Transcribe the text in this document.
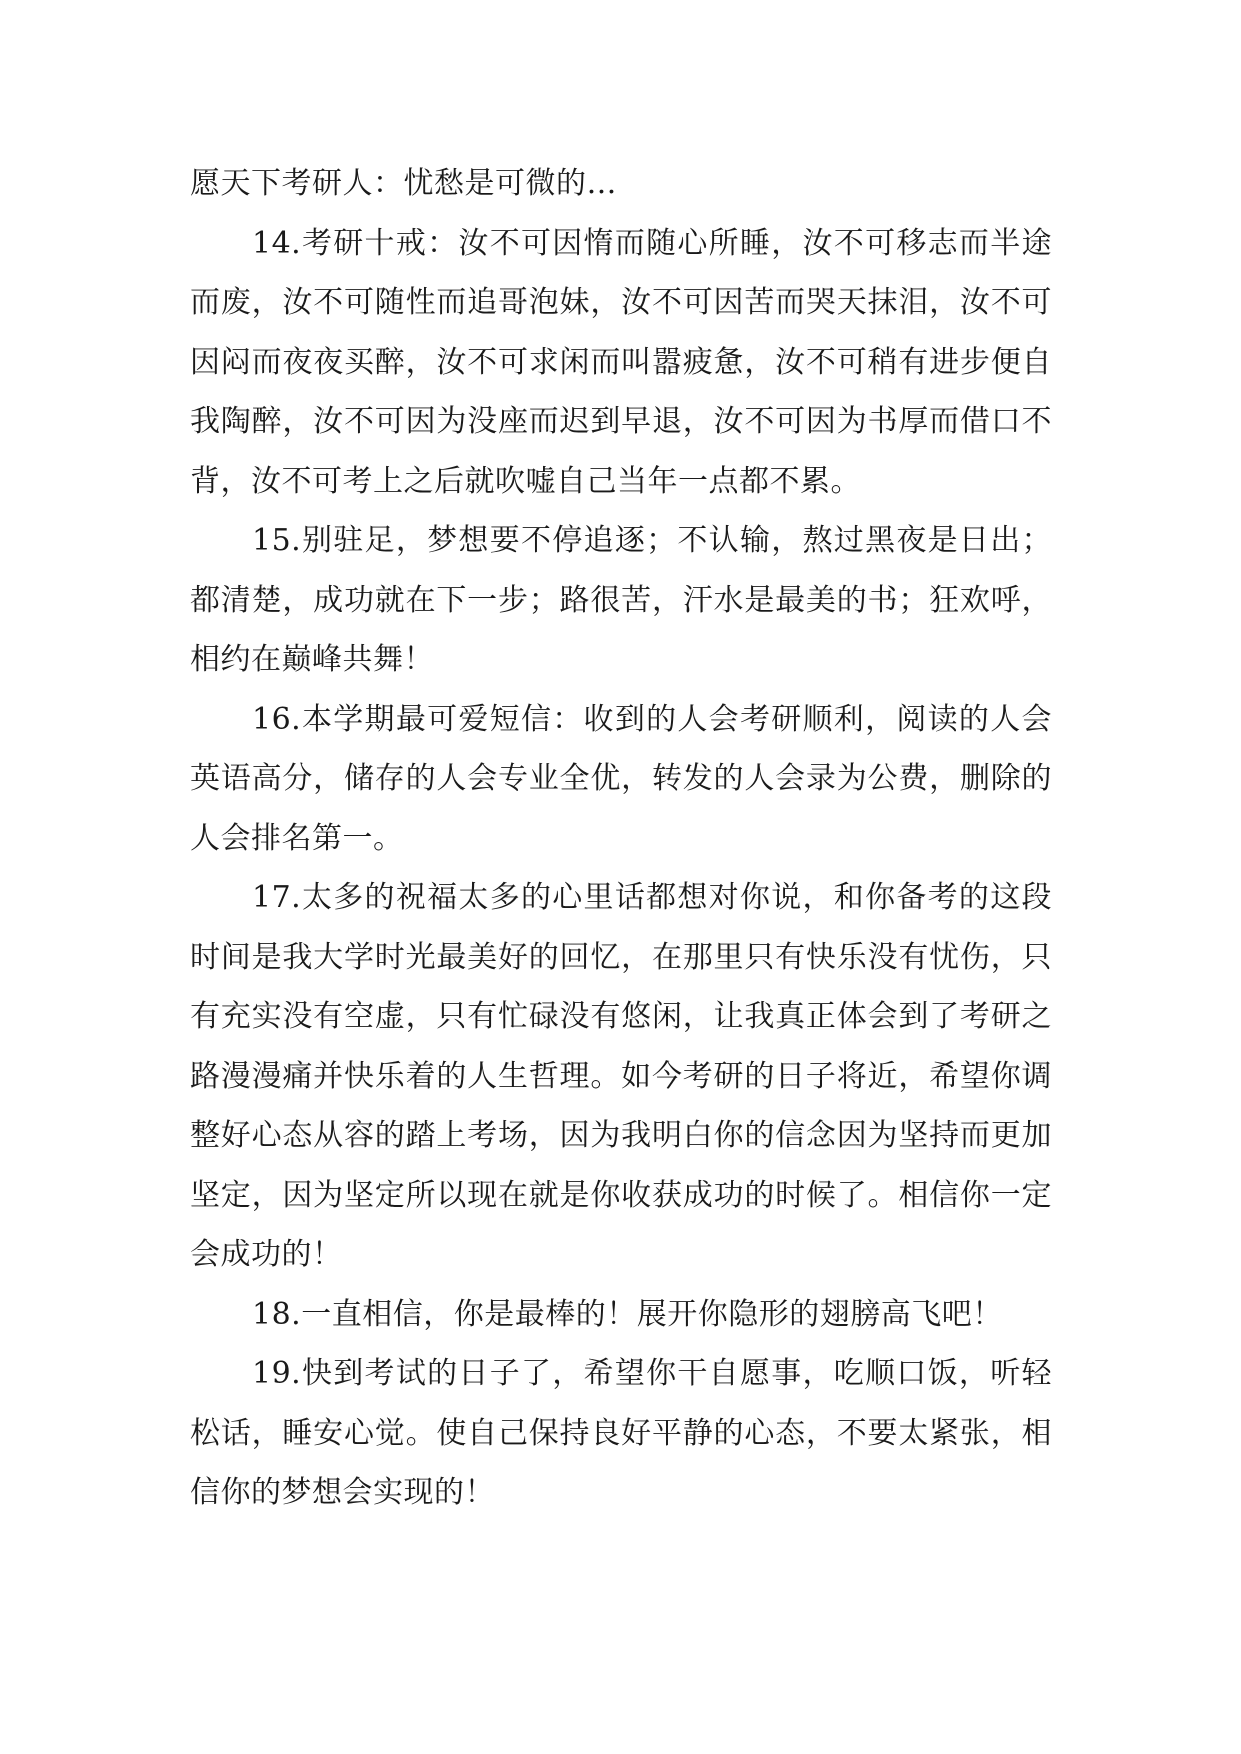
愿天下考研人：忧愁是可微的…

14.考研十戒：汝不可因惰而随心所睡，汝不可移志而半途而废，汝不可随性而追哥泡妹，汝不可因苦而哭天抹泪，汝不可因闷而夜夜买醉，汝不可求闲而叫嚣疲惫，汝不可稍有进步便自我陶醉，汝不可因为没座而迟到早退，汝不可因为书厚而借口不背，汝不可考上之后就吹嘘自己当年一点都不累。

15.别驻足，梦想要不停追逐；不认输，熬过黑夜是日出；都清楚，成功就在下一步；路很苦，汗水是最美的书；狂欢呼，相约在巅峰共舞！

16.本学期最可爱短信：收到的人会考研顺利，阅读的人会英语高分，储存的人会专业全优，转发的人会录为公费，删除的人会排名第一。

17.太多的祝福太多的心里话都想对你说，和你备考的这段时间是我大学时光最美好的回忆，在那里只有快乐没有忧伤，只有充实没有空虚，只有忙碌没有悠闲，让我真正体会到了考研之路漫漫痛并快乐着的人生哲理。如今考研的日子将近，希望你调整好心态从容的踏上考场，因为我明白你的信念因为坚持而更加坚定，因为坚定所以现在就是你收获成功的时候了。相信你一定会成功的！

18.一直相信，你是最棒的！展开你隐形的翅膀高飞吧！

19.快到考试的日子了，希望你干自愿事，吃顺口饭，听轻松话，睡安心觉。使自己保持良好平静的心态，不要太紧张，相信你的梦想会实现的！
